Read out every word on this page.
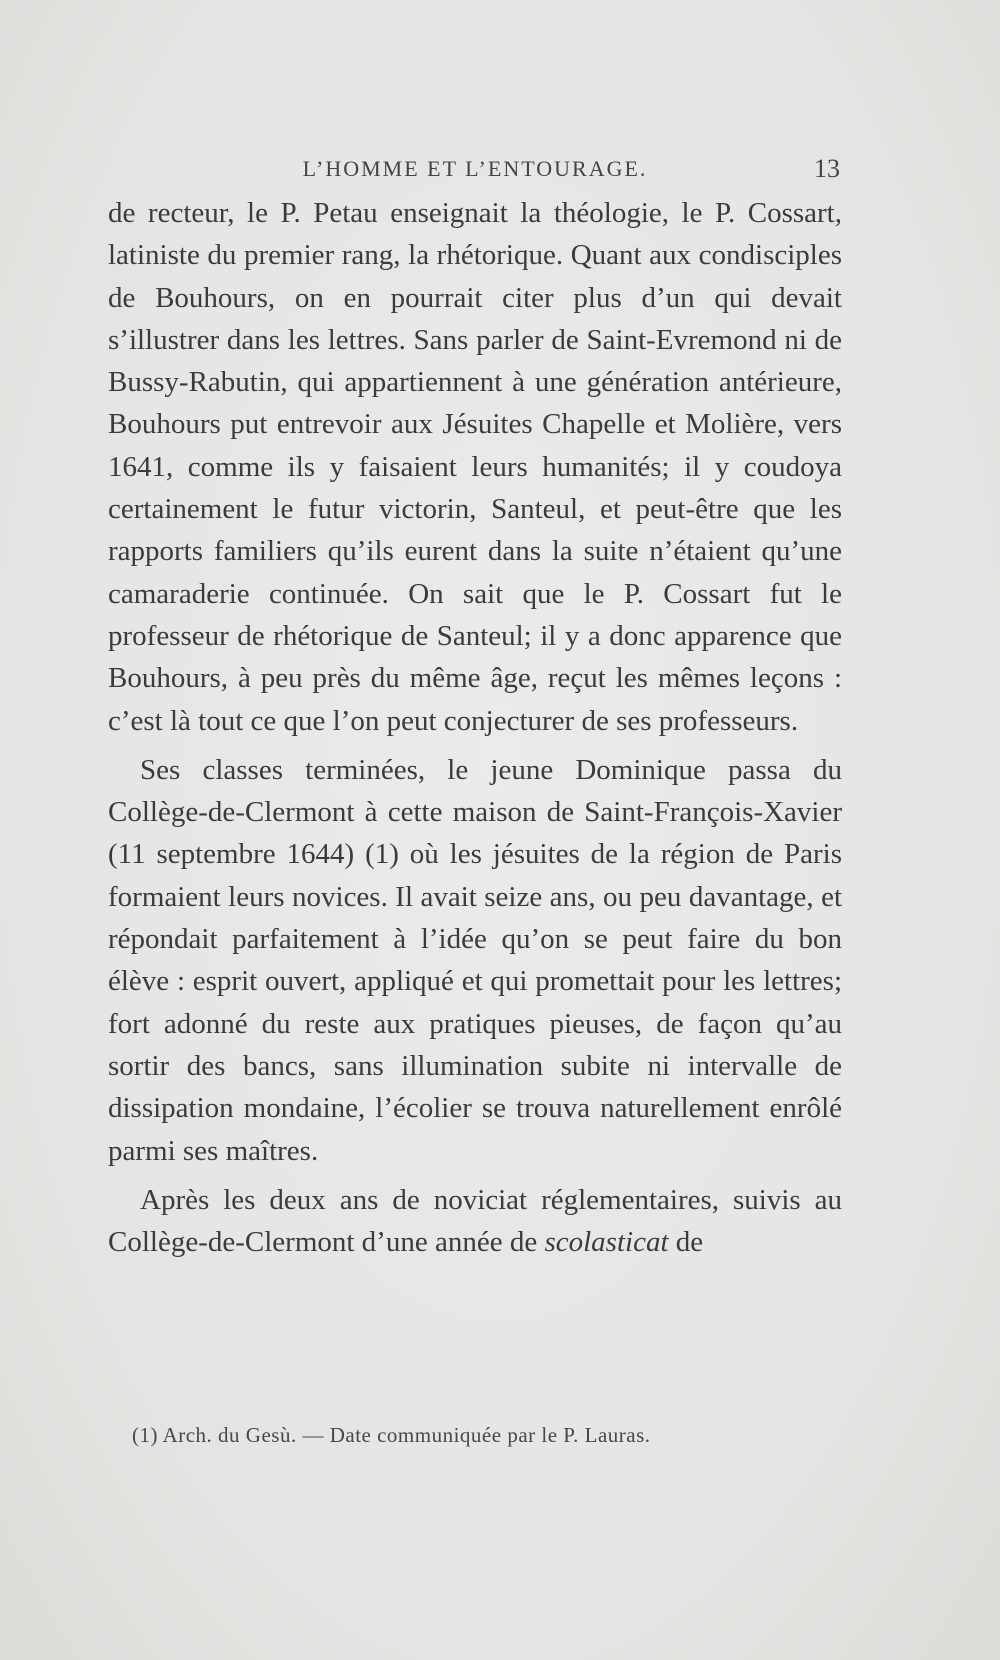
L’HOMME ET L’ENTOURAGE.	13

de recteur, le P. Petau enseignait la théologie, le P. Cossart, latiniste du premier rang, la rhétorique. Quant aux condisciples de Bouhours, on en pourrait citer plus d’un qui devait s’illustrer dans les lettres. Sans parler de Saint-Evremond ni de Bussy-Rabutin, qui appartiennent à une génération antérieure, Bouhours put entrevoir aux Jésuites Chapelle et Molière, vers 1641, comme ils y faisaient leurs humanités; il y coudoya certainement le futur victorin, Santeul, et peut-être que les rapports familiers qu’ils eurent dans la suite n’étaient qu’une camaraderie continuée. On sait que le P. Cossart fut le professeur de rhétorique de Santeul; il y a donc apparence que Bouhours, à peu près du même âge, reçut les mêmes leçons : c’est là tout ce que l’on peut conjecturer de ses professeurs.

Ses classes terminées, le jeune Dominique passa du Collège-de-Clermont à cette maison de Saint-François-Xavier (11 septembre 1644) (1) où les jésuites de la région de Paris formaient leurs novices. Il avait seize ans, ou peu davantage, et répondait parfaitement à l’idée qu’on se peut faire du bon élève : esprit ouvert, appliqué et qui promettait pour les lettres; fort adonné du reste aux pratiques pieuses, de façon qu’au sortir des bancs, sans illumination subite ni intervalle de dissipation mondaine, l’écolier se trouva naturellement enrôlé parmi ses maîtres.

Après les deux ans de noviciat réglementaires, suivis au Collège-de-Clermont d’une année de scolasticat de

(1) Arch. du Gesù. — Date communiquée par le P. Lauras.
